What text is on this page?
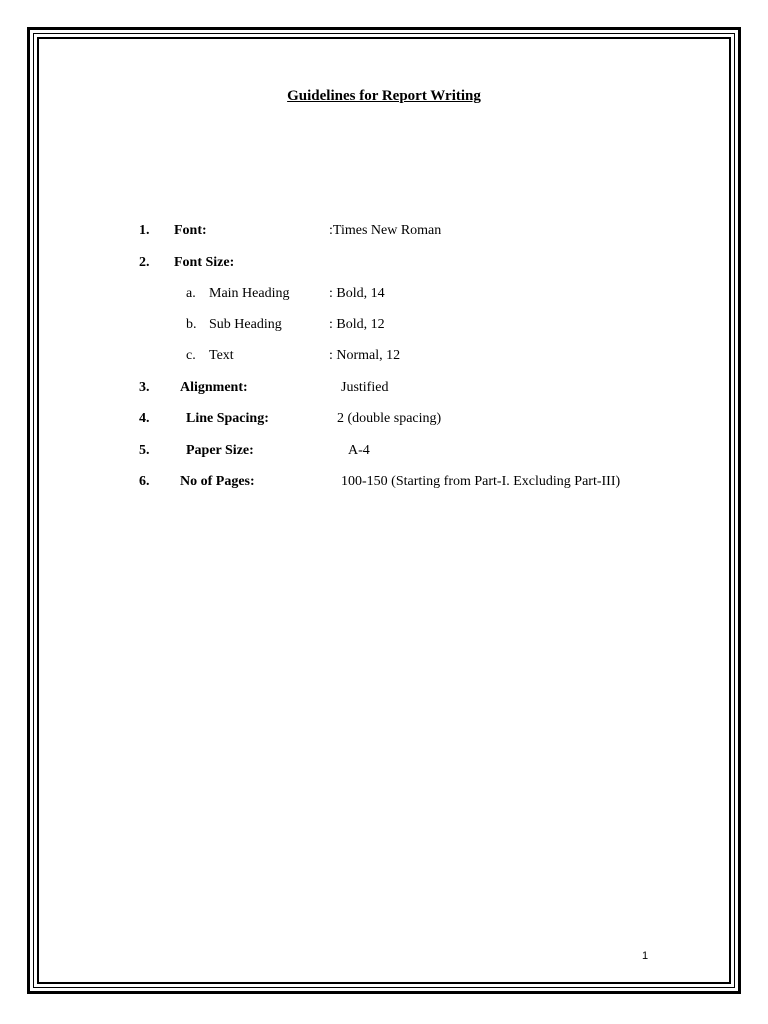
Guidelines for Report Writing
1. Font:	:Times New Roman
2. Font Size:
a. Main Heading	: Bold, 14
b. Sub Heading	: Bold, 12
c. Text	: Normal, 12
3. Alignment:	Justified
4.	Line Spacing:	2 (double spacing)
5.	Paper Size:	A-4
6. No of Pages:	100-150 (Starting from Part-I. Excluding Part-III)
1
